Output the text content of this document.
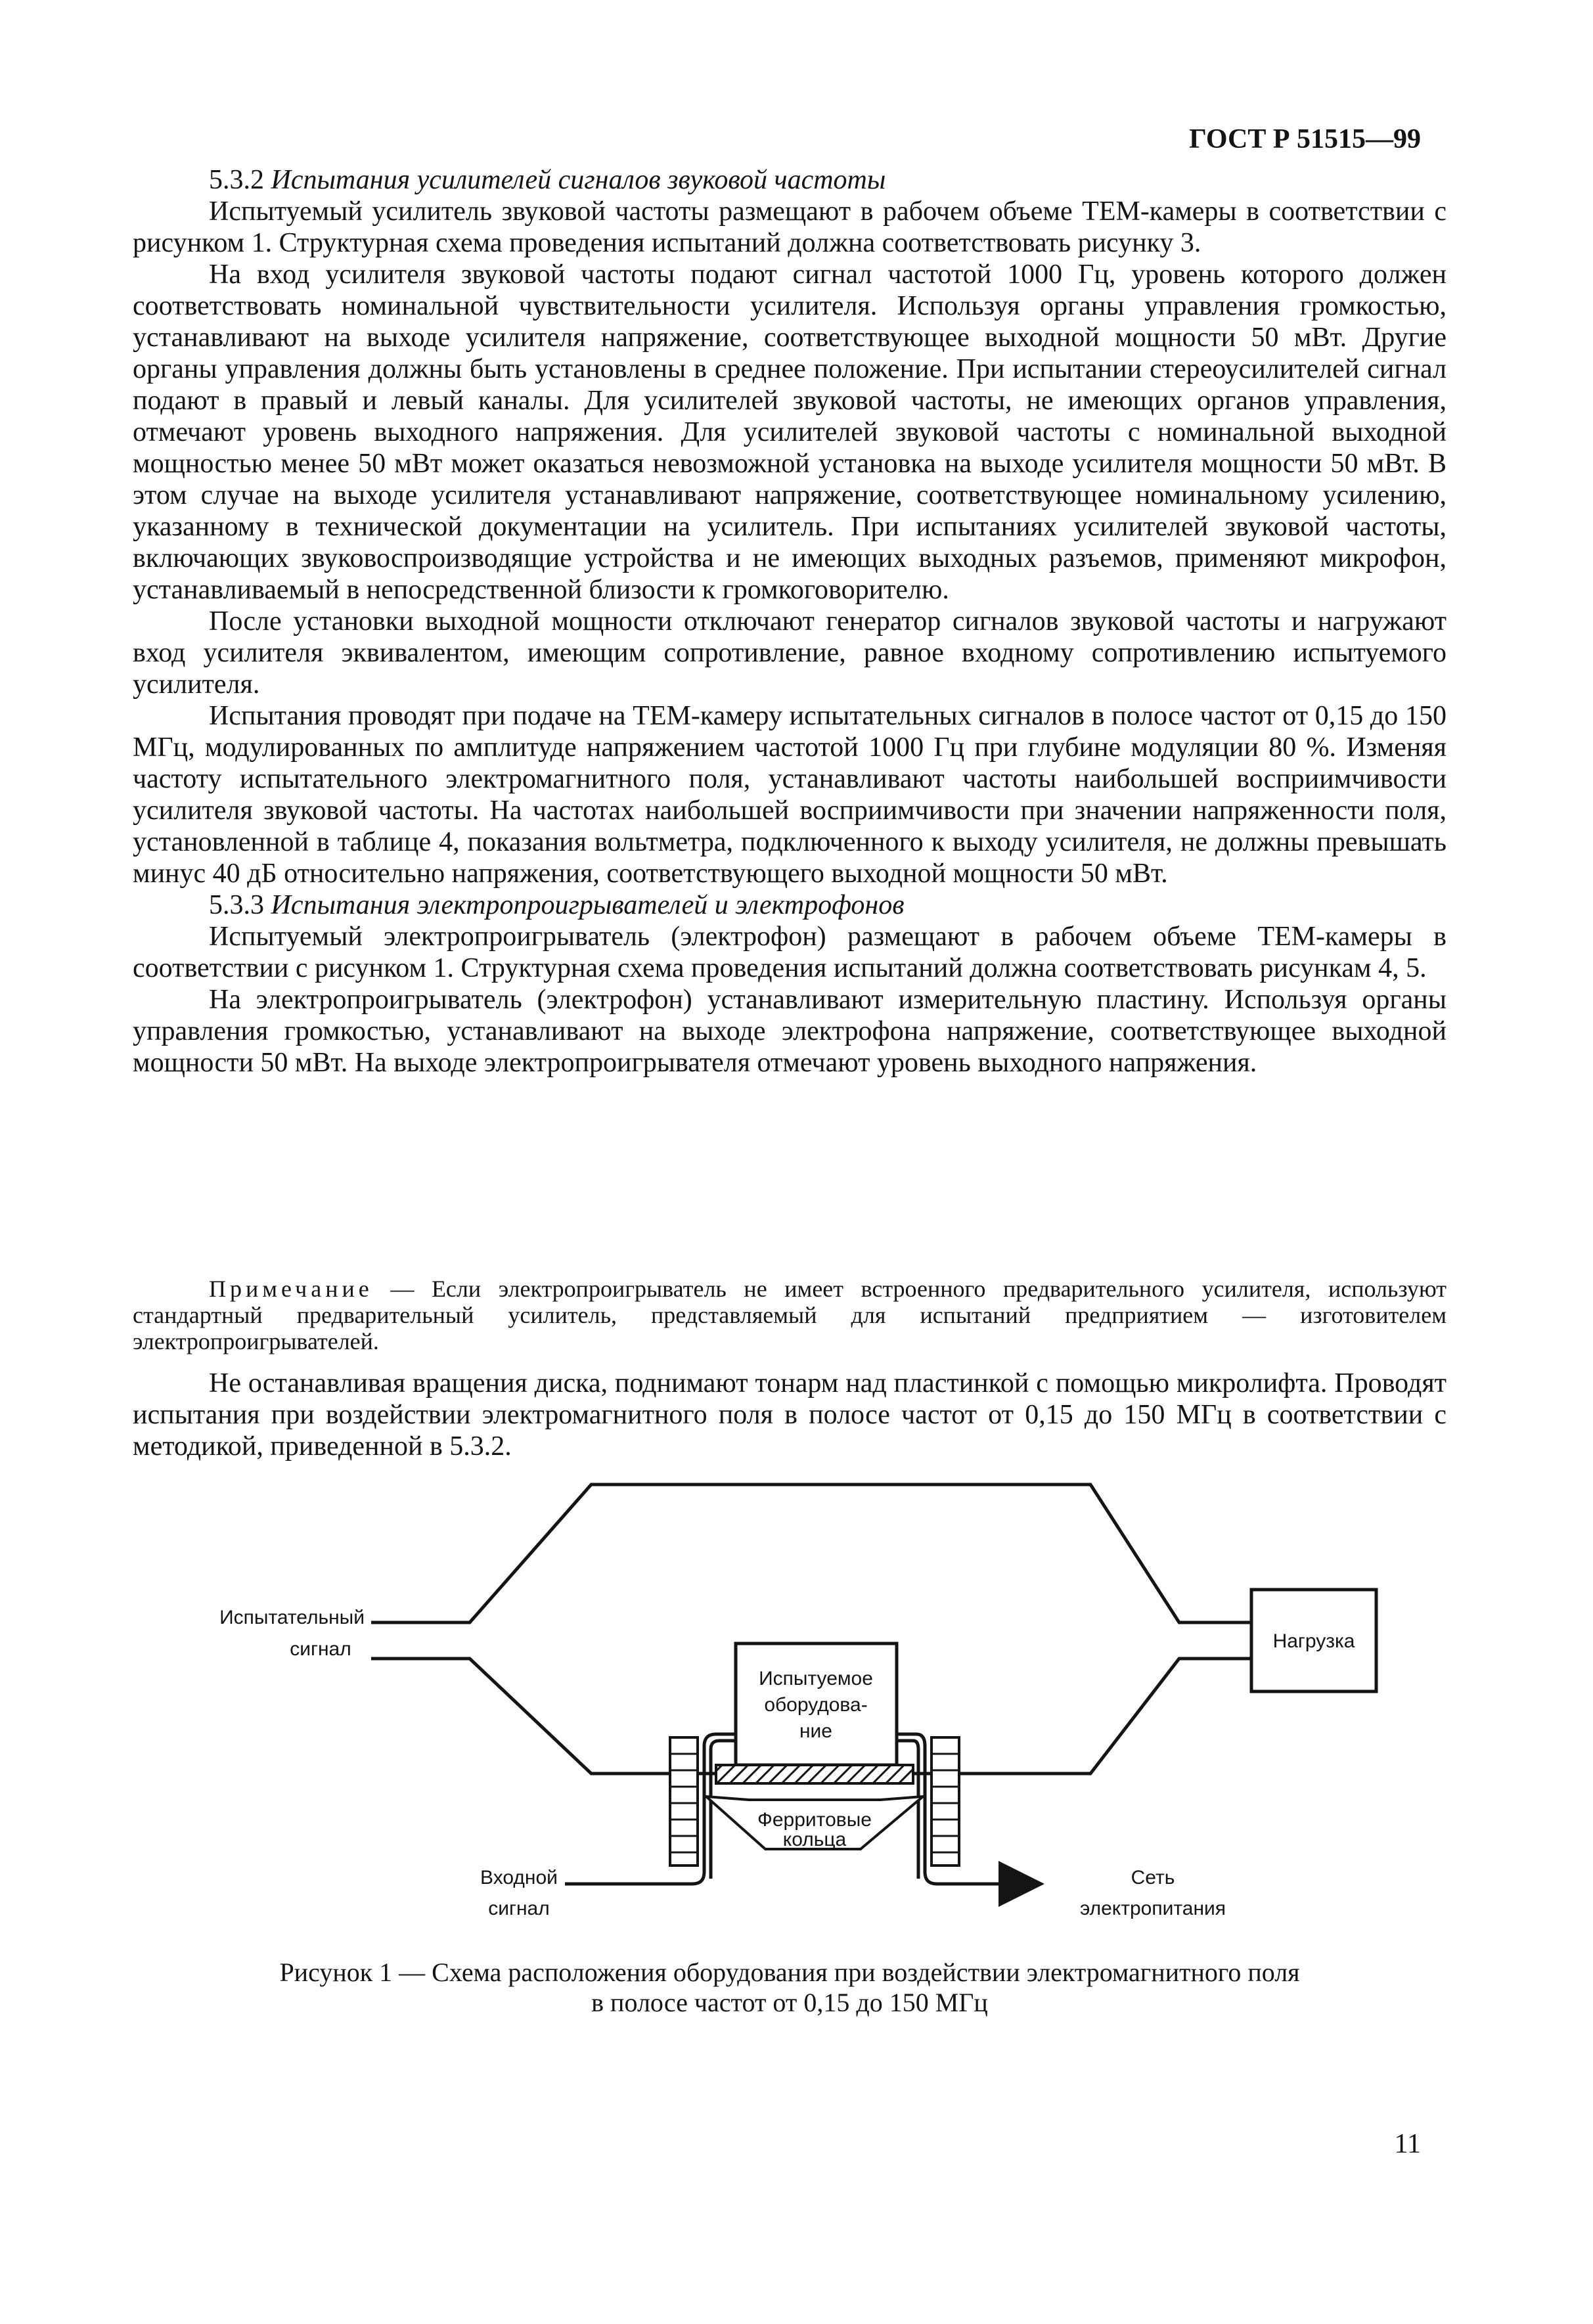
ГОСТ Р 51515—99

5.3.2 Испытания усилителей сигналов звуковой частоты

Испытуемый усилитель звуковой частоты размещают в рабочем объеме ТЕМ-камеры в соответствии с рисунком 1. Структурная схема проведения испытаний должна соответствовать рисунку 3.

На вход усилителя звуковой частоты подают сигнал частотой 1000 Гц, уровень которого должен соответствовать номинальной чувствительности усилителя. Используя органы управления громкостью, устанавливают на выходе усилителя напряжение, соответствующее выходной мощности 50 мВт. Другие органы управления должны быть установлены в среднее положение. При испытании стереоусилителей сигнал подают в правый и левый каналы. Для усилителей звуковой частоты, не имеющих органов управления, отмечают уровень выходного напряжения. Для усилителей звуковой частоты с номинальной выходной мощностью менее 50 мВт может оказаться невозможной установка на выходе усилителя мощности 50 мВт. В этом случае на выходе усилителя устанавливают напряжение, соответствующее номинальному усилению, указанному в технической документации на усилитель. При испытаниях усилителей звуковой частоты, включающих звуковоспроизводящие устройства и не имеющих выходных разъемов, применяют микрофон, устанавливаемый в непосредственной близости к громкоговорителю.

После установки выходной мощности отключают генератор сигналов звуковой частоты и нагружают вход усилителя эквивалентом, имеющим сопротивление, равное входному сопротивлению испытуемого усилителя.

Испытания проводят при подаче на ТЕМ-камеру испытательных сигналов в полосе частот от 0,15 до 150 МГц, модулированных по амплитуде напряжением частотой 1000 Гц при глубине модуляции 80 %. Изменяя частоту испытательного электромагнитного поля, устанавливают частоты наибольшей восприимчивости усилителя звуковой частоты. На частотах наибольшей восприимчивости при значении напряженности поля, установленной в таблице 4, показания вольтметра, подключенного к выходу усилителя, не должны превышать минус 40 дБ относительно напряжения, соответствующего выходной мощности 50 мВт.

5.3.3 Испытания электропроигрывателей и электрофонов

Испытуемый электропроигрыватель (электрофон) размещают в рабочем объеме ТЕМ-камеры в соответствии с рисунком 1. Структурная схема проведения испытаний должна соответствовать рисункам 4, 5.

На электропроигрыватель (электрофон) устанавливают измерительную пластину. Используя органы управления громкостью, устанавливают на выходе электрофона напряжение, соответствующее выходной мощности 50 мВт. На выходе электропроигрывателя отмечают уровень выходного напряжения.

Примечание — Если электропроигрыватель не имеет встроенного предварительного усилителя, используют стандартный предварительный усилитель, представляемый для испытаний предприятием — изготовителем электропроигрывателей.

Не останавливая вращения диска, поднимают тонарм над пластинкой с помощью микролифта. Проводят испытания при воздействии электромагнитного поля в полосе частот от 0,15 до 150 МГц в соответствии с методикой, приведенной в 5.3.2.

Испытательный
сигнал	Нагрузка
Испытуемое
оборудова-
ние
Ферритовые
кольца
Входной
сигнал
Сеть
электропитания
Рисунок 1 — Схема расположения оборудования при воздействии электромагнитного поля
в полосе частот от 0,15 до 150 МГц
11
